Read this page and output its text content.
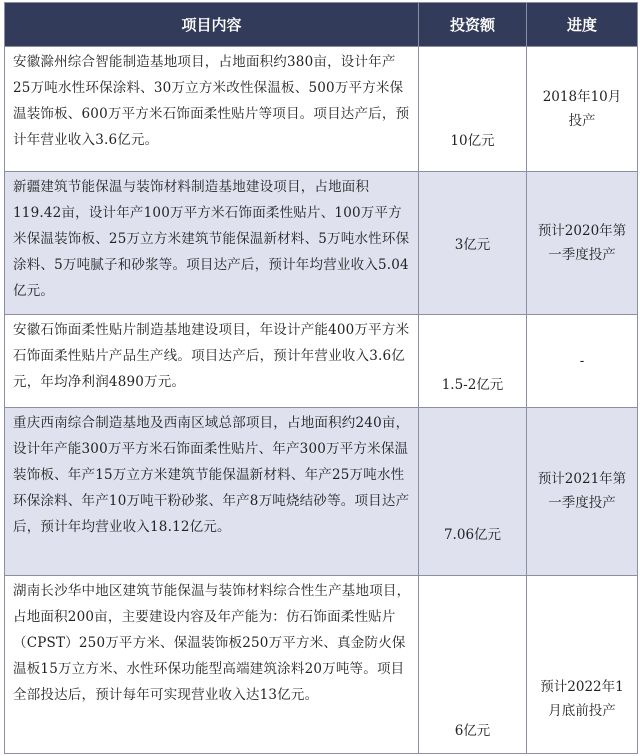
项目内容	投资额	进度
安徽滁州综合智能制造基地项目，占地面积约380亩，设计年产25万吨水性环保涂料、30万立方米改性保温板、500万平方米保温装饰板、600万平方米石饰面柔性贴片等项目。项目达产后，预计年营业收入3.6亿元。	10亿元	2018年10月投产
新疆建筑节能保温与装饰材料制造基地建设项目，占地面积119.42亩，设计年产100万平方米石饰面柔性贴片、100万平方米保温装饰板、25万立方米建筑节能保温新材料、5万吨水性环保涂料、5万吨腻子和砂浆等。项目达产后，预计年均营业收入5.04亿元。	3亿元	预计2020年第一季度投产
安徽石饰面柔性贴片制造基地建设项目，年设计产能400万平方米石饰面柔性贴片产品生产线。项目达产后，预计年营业收入3.6亿元，年均净利润4890万元。	1.5-2亿元	-
重庆西南综合制造基地及西南区域总部项目，占地面积约240亩，设计年产能300万平方米石饰面柔性贴片、年产300万平方米保温装饰板、年产15万立方米建筑节能保温新材料、年产25万吨水性环保涂料、年产10万吨干粉砂浆、年产8万吨烧结砂等。项目达产后，预计年均营业收入18.12亿元。	7.06亿元	预计2021年第一季度投产
湖南长沙华中地区建筑节能保温与装饰材料综合性生产基地项目，占地面积200亩，主要建设内容及年产能为：仿石饰面柔性贴片（CPST）250万平方米、保温装饰板250万平方米、真金防火保温板15万立方米、水性环保功能型高端建筑涂料20万吨等。项目全部投达后，预计每年可实现营业收入达13亿元。	6亿元	预计2022年1月底前投产
